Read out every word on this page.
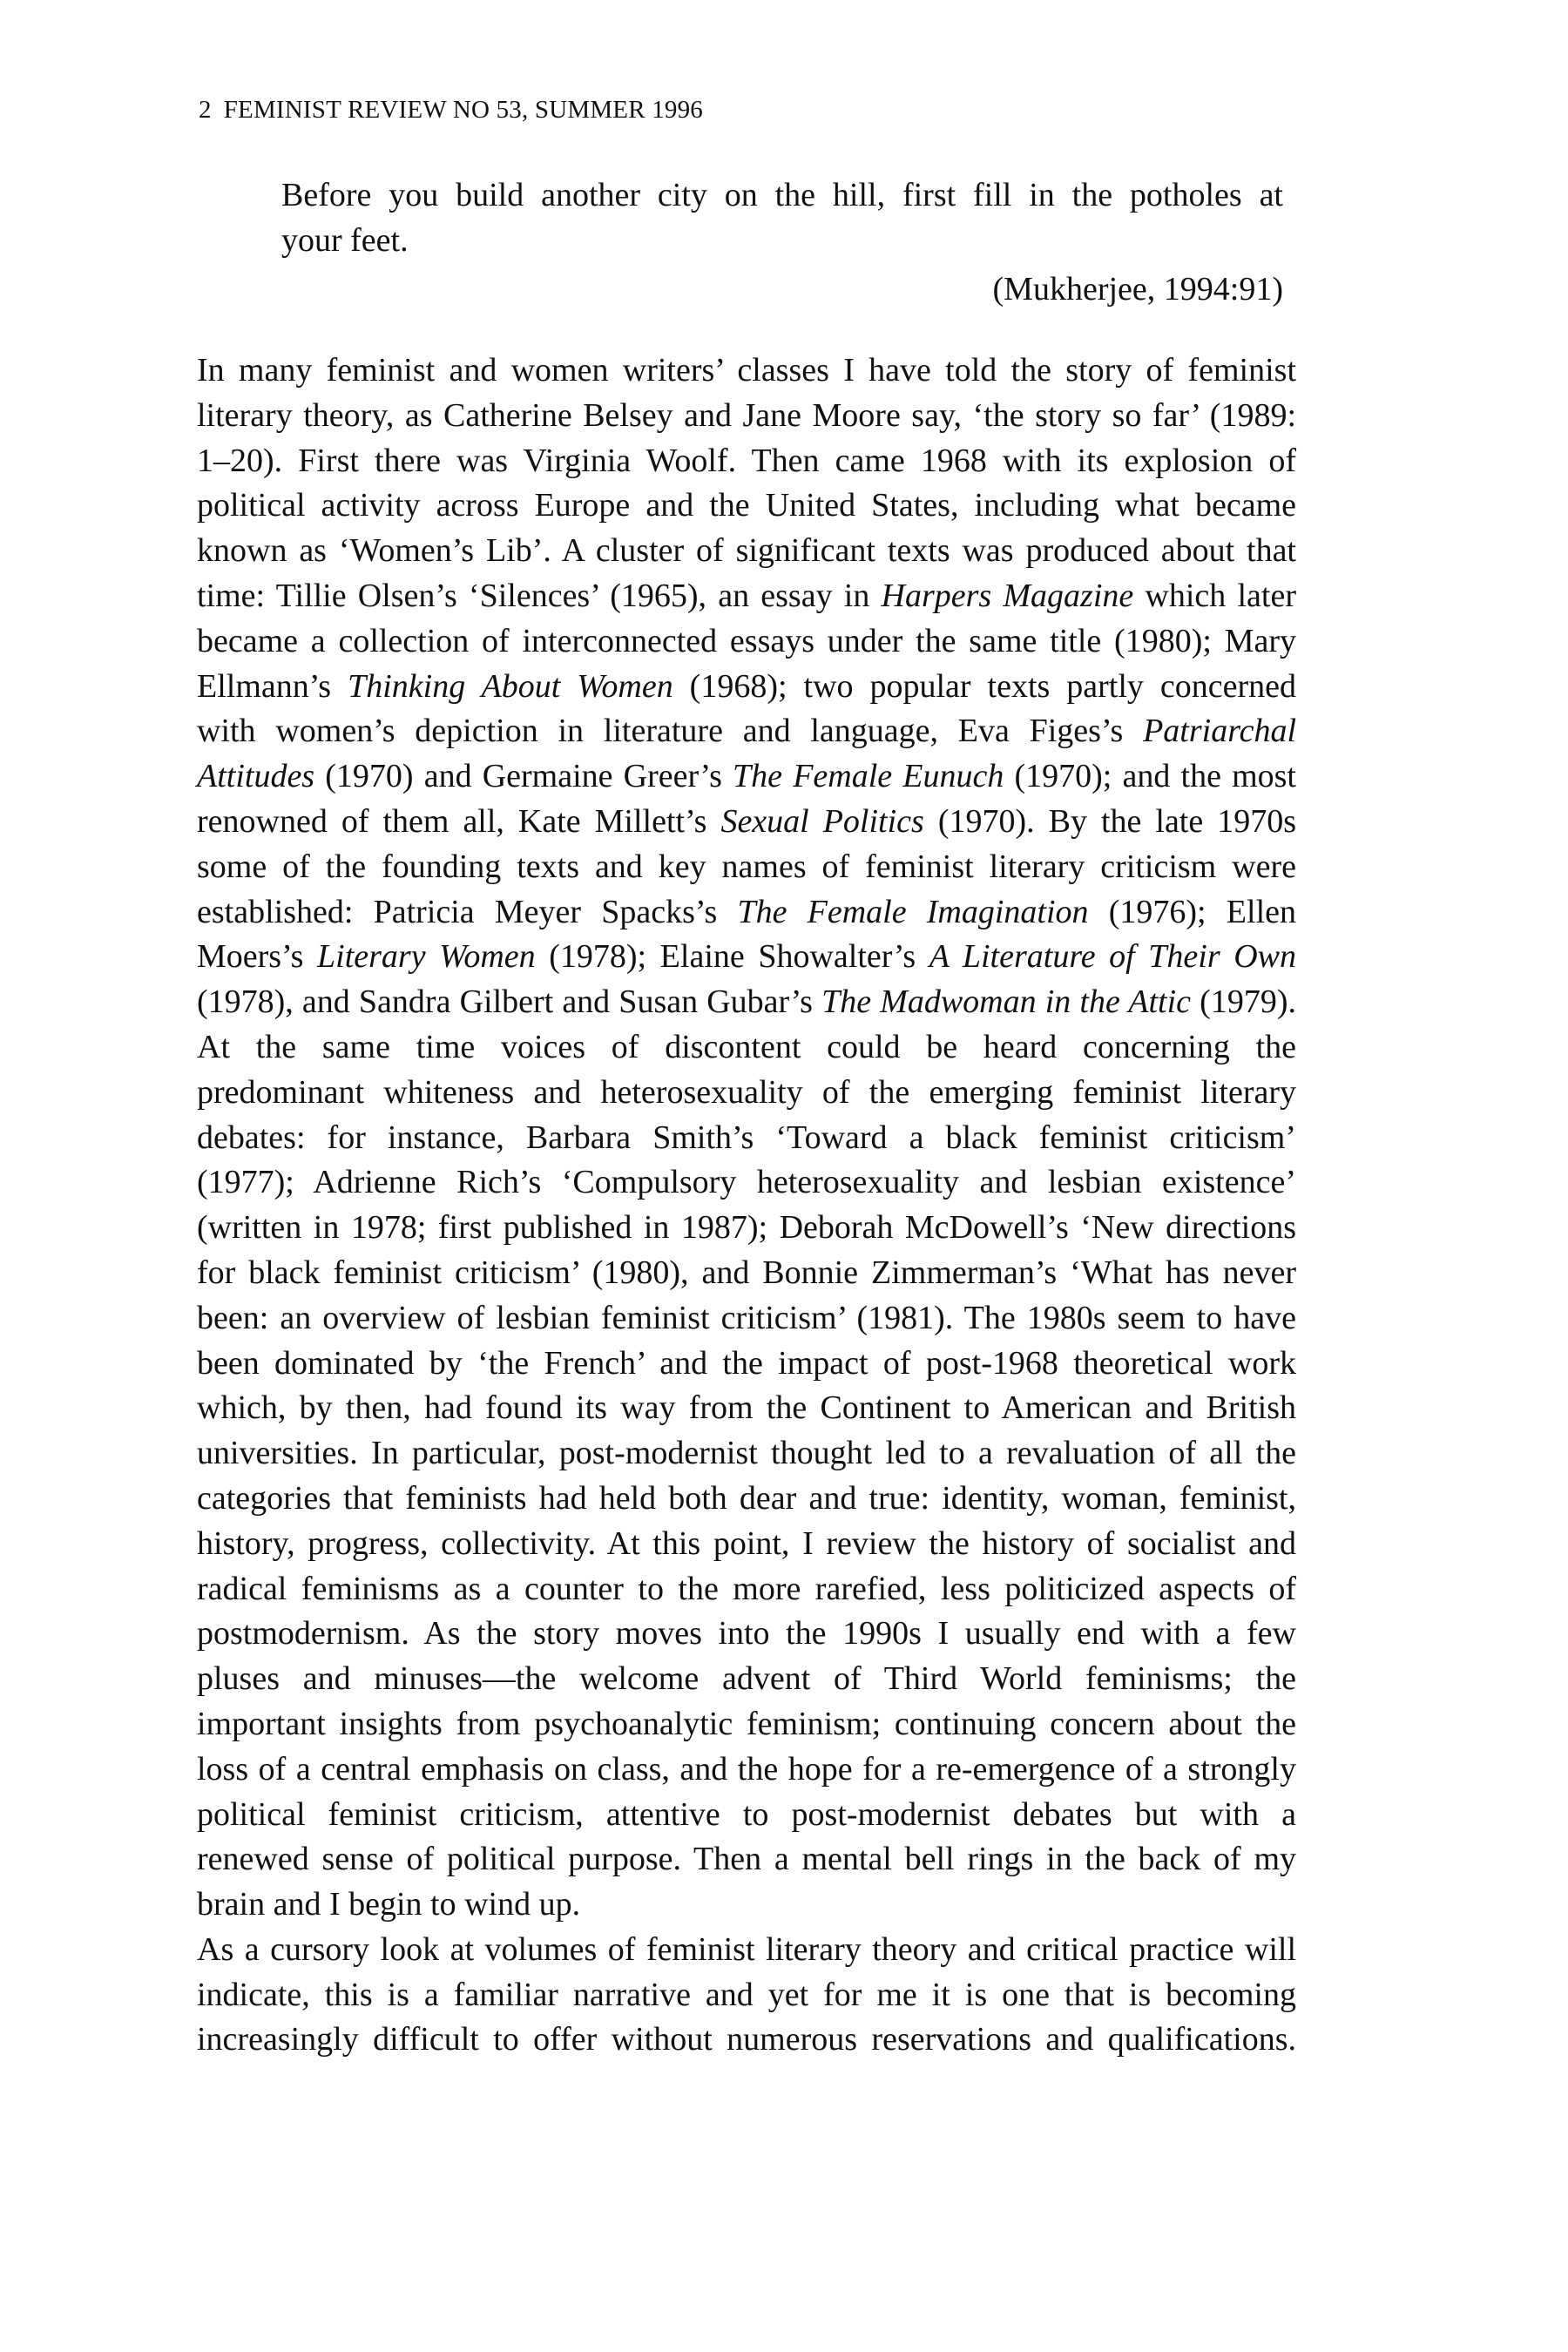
2 FEMINIST REVIEW NO 53, SUMMER 1996

Before you build another city on the hill, first fill in the potholes at
your feet.

(Mukherjee, 1994:91)

In many feminist and women writers’ classes I have told the story of feminist
literary theory, as Catherine Belsey and Jane Moore say, ‘the story so far’ (1989:
1–20). First there was Virginia Woolf. Then came 1968 with its explosion of
political activity across Europe and the United States, including what became
known as ‘Women’s Lib’. A cluster of significant texts was produced about that
time: Tillie Olsen’s ‘Silences’ (1965), an essay in Harpers Magazine which later
became a collection of interconnected essays under the same title (1980); Mary
Ellmann’s Thinking About Women (1968); two popular texts partly concerned
with women’s depiction in literature and language, Eva Figes’s Patriarchal
Attitudes (1970) and Germaine Greer’s The Female Eunuch (1970); and the most
renowned of them all, Kate Millett’s Sexual Politics (1970). By the late 1970s
some of the founding texts and key names of feminist literary criticism were
established: Patricia Meyer Spacks’s The Female Imagination (1976); Ellen
Moers’s Literary Women (1978); Elaine Showalter’s A Literature of Their Own
(1978), and Sandra Gilbert and Susan Gubar’s The Madwoman in the Attic (1979).
At the same time voices of discontent could be heard concerning the
predominant whiteness and heterosexuality of the emerging feminist literary
debates: for instance, Barbara Smith’s ‘Toward a black feminist criticism’
(1977); Adrienne Rich’s ‘Compulsory heterosexuality and lesbian existence’
(written in 1978; first published in 1987); Deborah McDowell’s ‘New directions
for black feminist criticism’ (1980), and Bonnie Zimmerman’s ‘What has never
been: an overview of lesbian feminist criticism’ (1981). The 1980s seem to have
been dominated by ‘the French’ and the impact of post-1968 theoretical work
which, by then, had found its way from the Continent to American and British
universities. In particular, post-modernist thought led to a revaluation of all the
categories that feminists had held both dear and true: identity, woman, feminist,
history, progress, collectivity. At this point, I review the history of socialist and
radical feminisms as a counter to the more rarefied, less politicized aspects of
postmodernism. As the story moves into the 1990s I usually end with a few
pluses and minuses—the welcome advent of Third World feminisms; the
important insights from psychoanalytic feminism; continuing concern about the
loss of a central emphasis on class, and the hope for a re-emergence of a strongly
political feminist criticism, attentive to post-modernist debates but with a
renewed sense of political purpose. Then a mental bell rings in the back of my
brain and I begin to wind up.

As a cursory look at volumes of feminist literary theory and critical practice will
indicate, this is a familiar narrative and yet for me it is one that is becoming
increasingly difficult to offer without numerous reservations and qualifications.
